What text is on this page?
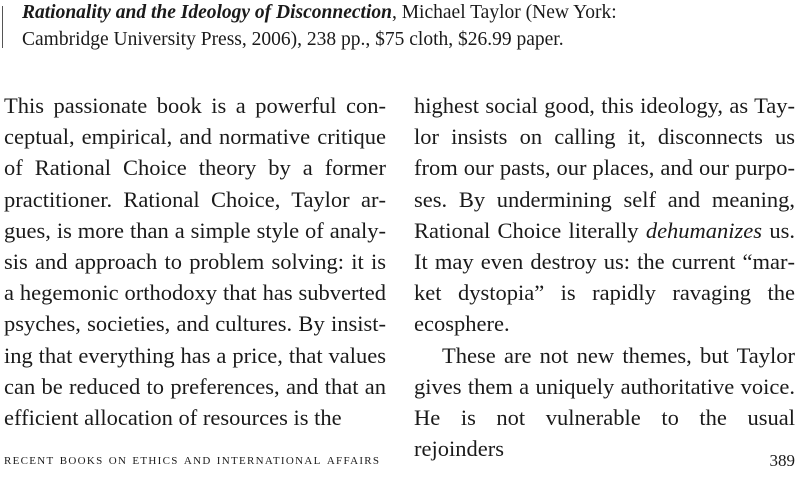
Rationality and the Ideology of Disconnection, Michael Taylor (New York:
Cambridge University Press, 2006), 238 pp., $75 cloth, $26.99 paper.

This passionate book is a powerful conceptual, empirical, and normative critique of Rational Choice theory by a former practitioner. Rational Choice, Taylor argues, is more than a simple style of analysis and approach to problem solving: it is a hegemonic orthodoxy that has subverted psyches, societies, and cultures. By insisting that everything has a price, that values can be reduced to preferences, and that an efficient allocation of resources is the

highest social good, this ideology, as Taylor insists on calling it, disconnects us from our pasts, our places, and our purposes. By undermining self and meaning, Rational Choice literally dehumanizes us. It may even destroy us: the current “market dystopia” is rapidly ravaging the ecosphere.

These are not new themes, but Taylor gives them a uniquely authoritative voice. He is not vulnerable to the usual rejoinders

recent books on ethics and international affairs	389
